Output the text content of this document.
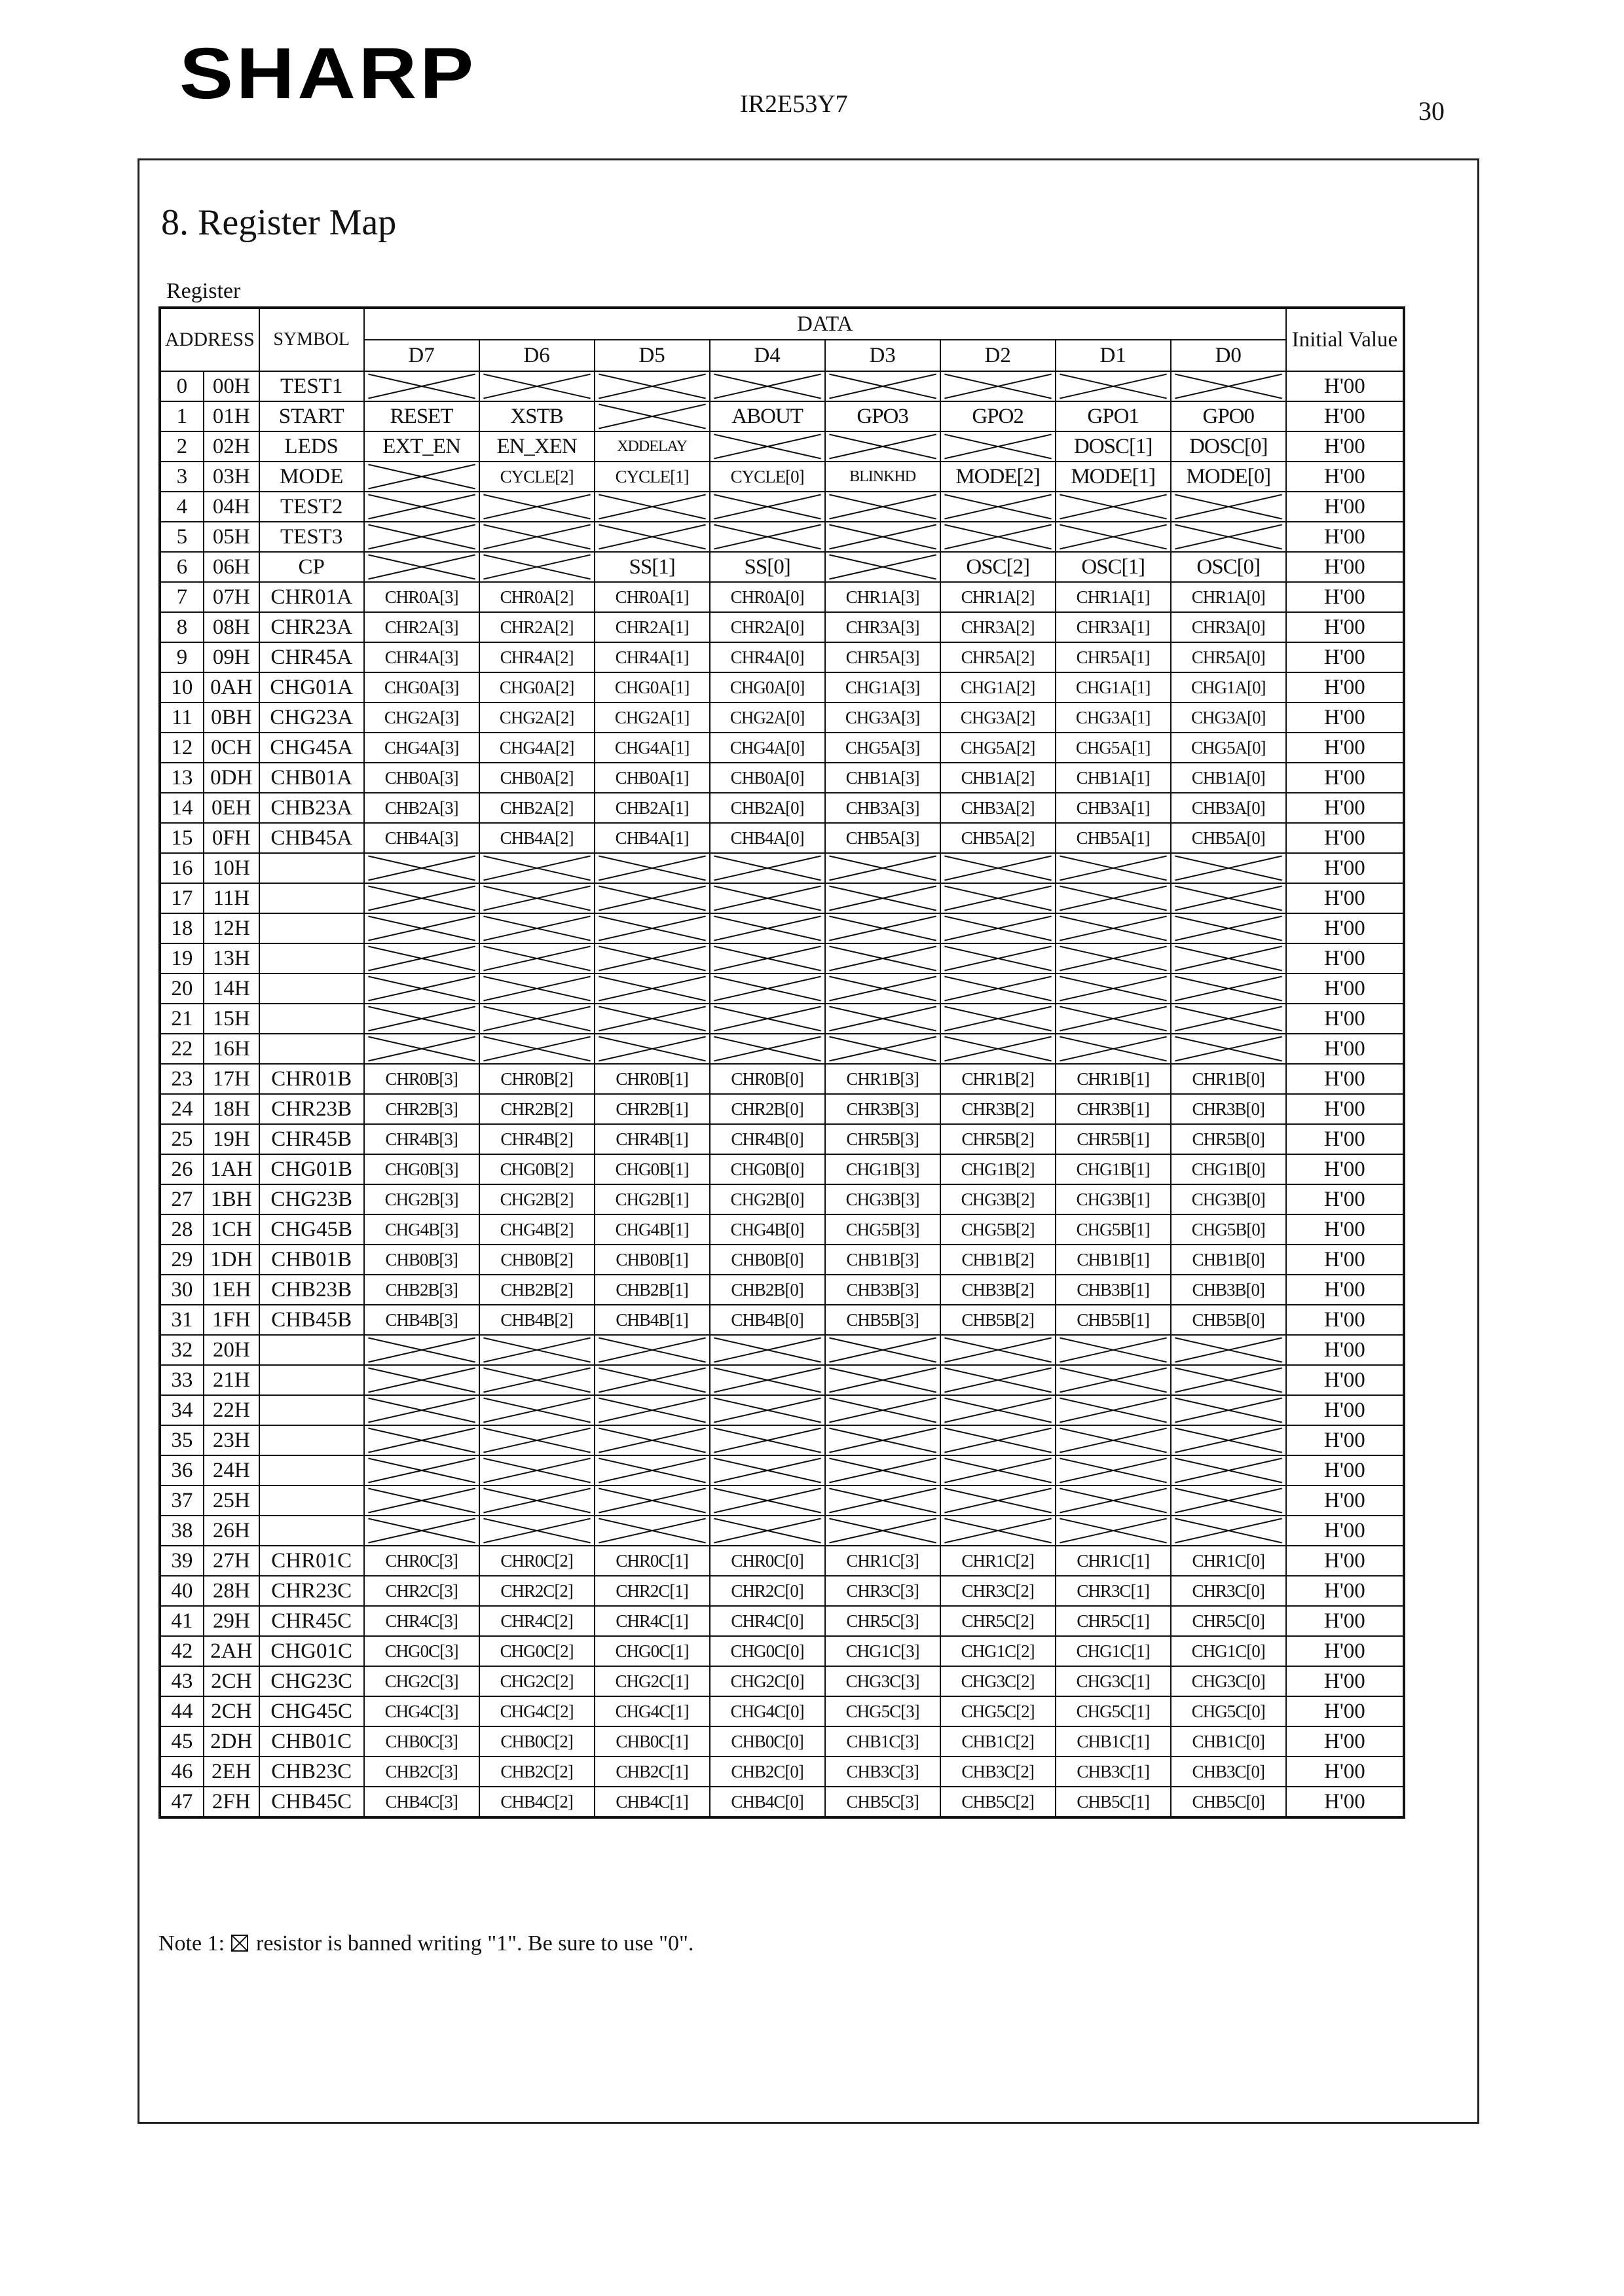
SHARP	IR2E53Y7	30
8. Register Map
Register
ADDRESS		SYMBOL	DATA								Initial Value
			D7	D6	D5	D4	D3	D2	D1	D0	
0	00H	TEST1									H'00
1	01H	START	RESET	XSTB		ABOUT	GPO3	GPO2	GPO1	GPO0	H'00
2	02H	LEDS	EXT_EN	EN_XEN	XDDELAY				DOSC[1]	DOSC[0]	H'00
3	03H	MODE		CYCLE[2]	CYCLE[1]	CYCLE[0]	BLINKHD	MODE[2]	MODE[1]	MODE[0]	H'00
4	04H	TEST2									H'00
5	05H	TEST3									H'00
6	06H	CP			SS[1]	SS[0]		OSC[2]	OSC[1]	OSC[0]	H'00
7	07H	CHR01A	CHR0A[3]	CHR0A[2]	CHR0A[1]	CHR0A[0]	CHR1A[3]	CHR1A[2]	CHR1A[1]	CHR1A[0]	H'00
8	08H	CHR23A	CHR2A[3]	CHR2A[2]	CHR2A[1]	CHR2A[0]	CHR3A[3]	CHR3A[2]	CHR3A[1]	CHR3A[0]	H'00
9	09H	CHR45A	CHR4A[3]	CHR4A[2]	CHR4A[1]	CHR4A[0]	CHR5A[3]	CHR5A[2]	CHR5A[1]	CHR5A[0]	H'00
10	0AH	CHG01A	CHG0A[3]	CHG0A[2]	CHG0A[1]	CHG0A[0]	CHG1A[3]	CHG1A[2]	CHG1A[1]	CHG1A[0]	H'00
11	0BH	CHG23A	CHG2A[3]	CHG2A[2]	CHG2A[1]	CHG2A[0]	CHG3A[3]	CHG3A[2]	CHG3A[1]	CHG3A[0]	H'00
12	0CH	CHG45A	CHG4A[3]	CHG4A[2]	CHG4A[1]	CHG4A[0]	CHG5A[3]	CHG5A[2]	CHG5A[1]	CHG5A[0]	H'00
13	0DH	CHB01A	CHB0A[3]	CHB0A[2]	CHB0A[1]	CHB0A[0]	CHB1A[3]	CHB1A[2]	CHB1A[1]	CHB1A[0]	H'00
14	0EH	CHB23A	CHB2A[3]	CHB2A[2]	CHB2A[1]	CHB2A[0]	CHB3A[3]	CHB3A[2]	CHB3A[1]	CHB3A[0]	H'00
15	0FH	CHB45A	CHB4A[3]	CHB4A[2]	CHB4A[1]	CHB4A[0]	CHB5A[3]	CHB5A[2]	CHB5A[1]	CHB5A[0]	H'00
16	10H										H'00
17	11H										H'00
18	12H										H'00
19	13H										H'00
20	14H										H'00
21	15H										H'00
22	16H										H'00
23	17H	CHR01B	CHR0B[3]	CHR0B[2]	CHR0B[1]	CHR0B[0]	CHR1B[3]	CHR1B[2]	CHR1B[1]	CHR1B[0]	H'00
24	18H	CHR23B	CHR2B[3]	CHR2B[2]	CHR2B[1]	CHR2B[0]	CHR3B[3]	CHR3B[2]	CHR3B[1]	CHR3B[0]	H'00
25	19H	CHR45B	CHR4B[3]	CHR4B[2]	CHR4B[1]	CHR4B[0]	CHR5B[3]	CHR5B[2]	CHR5B[1]	CHR5B[0]	H'00
26	1AH	CHG01B	CHG0B[3]	CHG0B[2]	CHG0B[1]	CHG0B[0]	CHG1B[3]	CHG1B[2]	CHG1B[1]	CHG1B[0]	H'00
27	1BH	CHG23B	CHG2B[3]	CHG2B[2]	CHG2B[1]	CHG2B[0]	CHG3B[3]	CHG3B[2]	CHG3B[1]	CHG3B[0]	H'00
28	1CH	CHG45B	CHG4B[3]	CHG4B[2]	CHG4B[1]	CHG4B[0]	CHG5B[3]	CHG5B[2]	CHG5B[1]	CHG5B[0]	H'00
29	1DH	CHB01B	CHB0B[3]	CHB0B[2]	CHB0B[1]	CHB0B[0]	CHB1B[3]	CHB1B[2]	CHB1B[1]	CHB1B[0]	H'00
30	1EH	CHB23B	CHB2B[3]	CHB2B[2]	CHB2B[1]	CHB2B[0]	CHB3B[3]	CHB3B[2]	CHB3B[1]	CHB3B[0]	H'00
31	1FH	CHB45B	CHB4B[3]	CHB4B[2]	CHB4B[1]	CHB4B[0]	CHB5B[3]	CHB5B[2]	CHB5B[1]	CHB5B[0]	H'00
32	20H										H'00
33	21H										H'00
34	22H										H'00
35	23H										H'00
36	24H										H'00
37	25H										H'00
38	26H										H'00
39	27H	CHR01C	CHR0C[3]	CHR0C[2]	CHR0C[1]	CHR0C[0]	CHR1C[3]	CHR1C[2]	CHR1C[1]	CHR1C[0]	H'00
40	28H	CHR23C	CHR2C[3]	CHR2C[2]	CHR2C[1]	CHR2C[0]	CHR3C[3]	CHR3C[2]	CHR3C[1]	CHR3C[0]	H'00
41	29H	CHR45C	CHR4C[3]	CHR4C[2]	CHR4C[1]	CHR4C[0]	CHR5C[3]	CHR5C[2]	CHR5C[1]	CHR5C[0]	H'00
42	2AH	CHG01C	CHG0C[3]	CHG0C[2]	CHG0C[1]	CHG0C[0]	CHG1C[3]	CHG1C[2]	CHG1C[1]	CHG1C[0]	H'00
43	2CH	CHG23C	CHG2C[3]	CHG2C[2]	CHG2C[1]	CHG2C[0]	CHG3C[3]	CHG3C[2]	CHG3C[1]	CHG3C[0]	H'00
44	2CH	CHG45C	CHG4C[3]	CHG4C[2]	CHG4C[1]	CHG4C[0]	CHG5C[3]	CHG5C[2]	CHG5C[1]	CHG5C[0]	H'00
45	2DH	CHB01C	CHB0C[3]	CHB0C[2]	CHB0C[1]	CHB0C[0]	CHB1C[3]	CHB1C[2]	CHB1C[1]	CHB1C[0]	H'00
46	2EH	CHB23C	CHB2C[3]	CHB2C[2]	CHB2C[1]	CHB2C[0]	CHB3C[3]	CHB3C[2]	CHB3C[1]	CHB3C[0]	H'00
47	2FH	CHB45C	CHB4C[3]	CHB4C[2]	CHB4C[1]	CHB4C[0]	CHB5C[3]	CHB5C[2]	CHB5C[1]	CHB5C[0]	H'00
Note 1: ☒ resistor is banned writing "1". Be sure to use "0".
